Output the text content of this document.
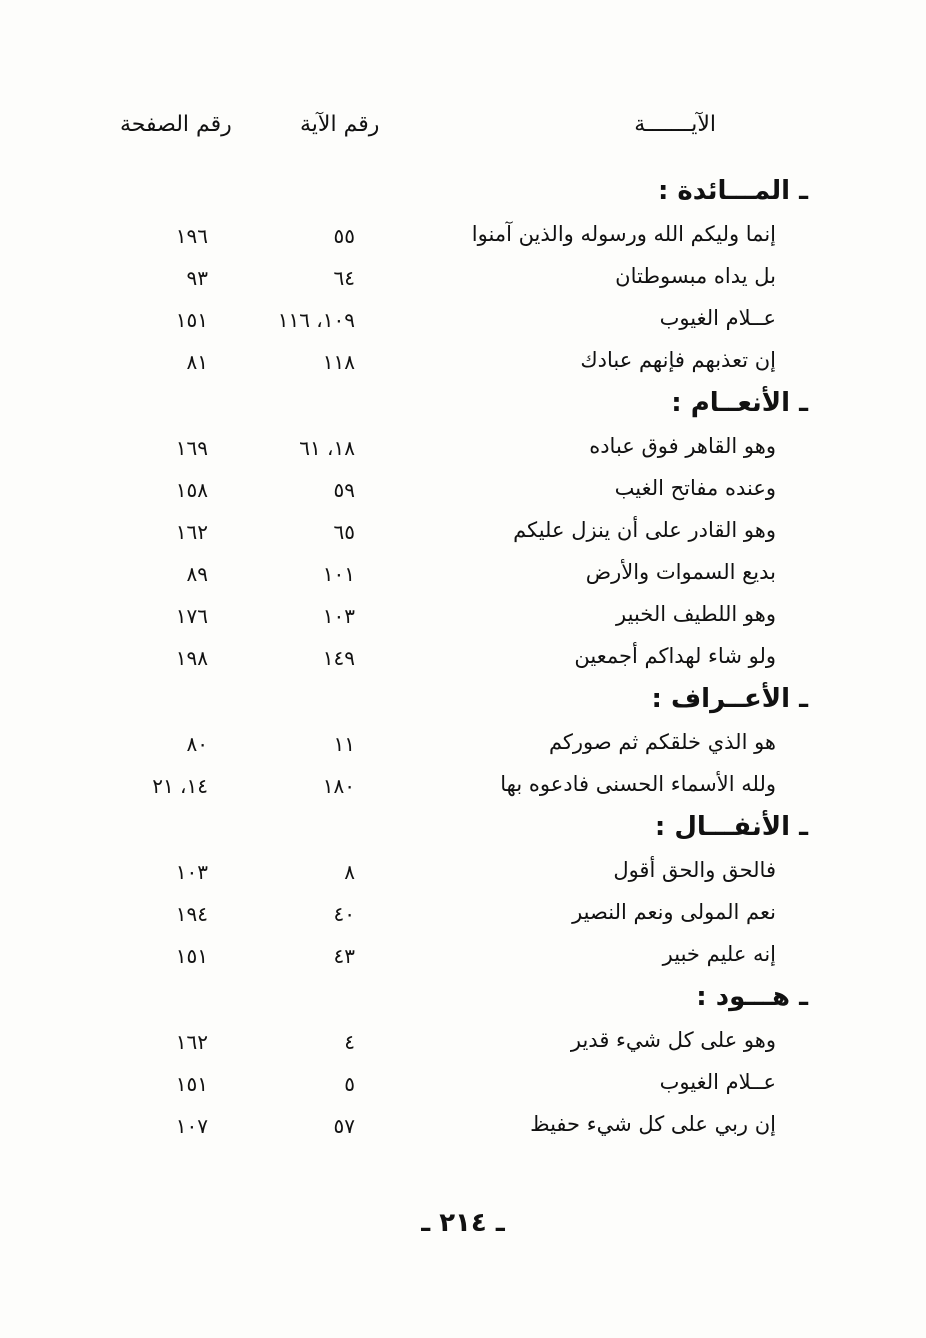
الآيـــــــة
رقم الآية
رقم الصفحة
ـ المـــائدة :
إنما وليكم الله ورسوله والذين آمنوا
٥٥
١٩٦
بل يداه مبسوطتان
٦٤
٩٣
عــلام الغيوب
١٠٩، ١١٦
١٥١
إن تعذبهم فإنهم عبادك
١١٨
٨١
ـ الأنعــام :
وهو القاهر فوق عباده
١٨، ٦١
١٦٩
وعنده مفاتح الغيب
٥٩
١٥٨
وهو القادر على أن ينزل عليكم
٦٥
١٦٢
بديع السموات والأرض
١٠١
٨٩
وهو اللطيف الخبير
١٠٣
١٧٦
ولو شاء لهداكم أجمعين
١٤٩
١٩٨
ـ الأعــراف :
هو الذي خلقكم ثم صوركم
١١
٨٠
ولله الأسماء الحسنى فادعوه بها
١٨٠
١٤، ٢١
ـ الأنفـــال :
فالحق والحق أقول
٨
١٠٣
نعم المولى ونعم النصير
٤٠
١٩٤
إنه عليم خبير
٤٣
١٥١
ـ هـــود :
وهو على كل شيء قدير
٤
١٦٢
عــلام الغيوب
٥
١٥١
إن ربي على كل شيء حفيظ
٥٧
١٠٧
ـ ٢١٤ ـ
